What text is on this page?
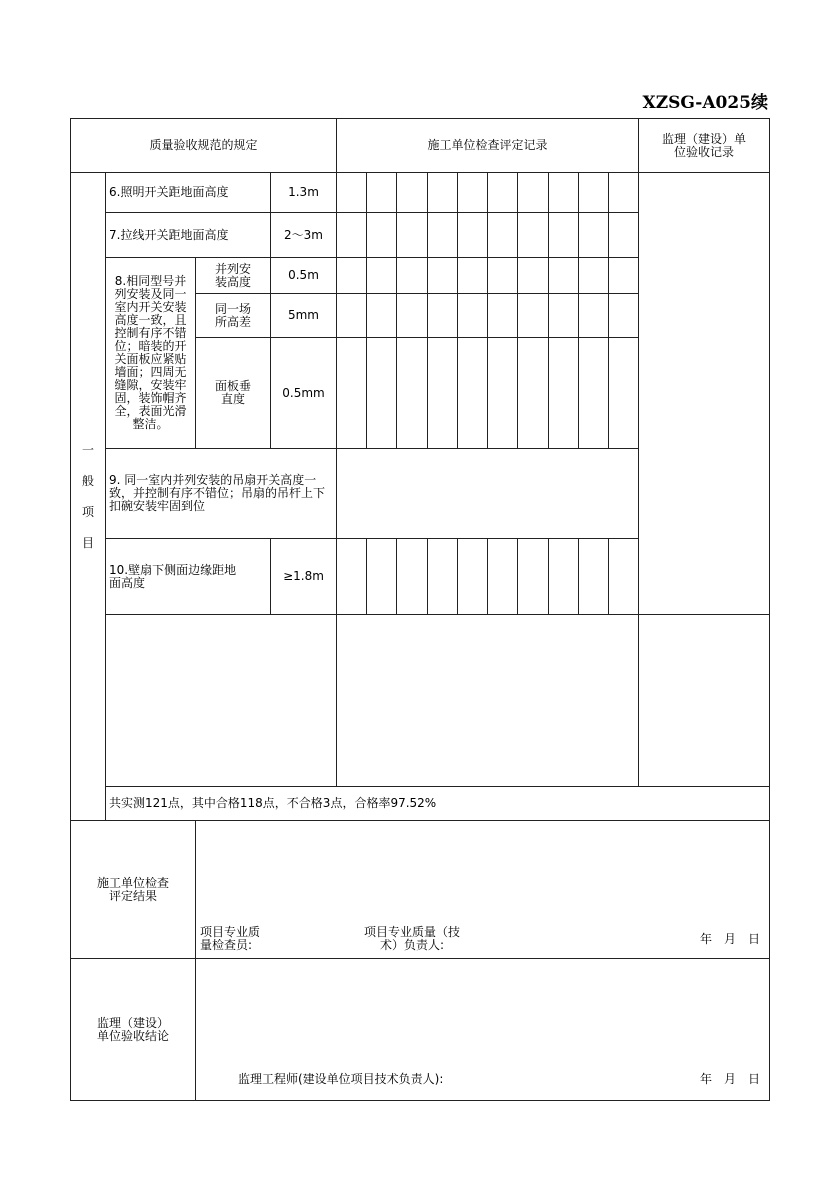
XZSG-A025续
质量验收规范的规定	施工单位检查评定记录	监理（建设）单位验收记录
一
般
项
目
6.照明开关距地面高度	1.3m
7.拉线开关距地面高度	2～3m
8.相同型号并列安装及同一室内开关安装高度一致，且控制有序不错位；暗装的开关面板应紧贴墙面；四周无缝隙，安装牢固，装饰帽齐全，表面光滑整洁。
并列安装高度	0.5m
同一场所高差	5mm
面板垂直度	0.5mm
9. 同一室内并列安装的吊扇开关高度一致，并控制有序不错位；吊扇的吊杆上下扣碗安装牢固到位
10.壁扇下侧面边缘距地面高度	≥1.8m
共实测121点，其中合格118点，不合格3点，合格率97.52%
施工单位检查评定结果
项目专业质量检查员:
项目专业质量（技术）负责人:	年　月　日
监理（建设）单位验收结论
监理工程师(建设单位项目技术负责人):	年　月　日
